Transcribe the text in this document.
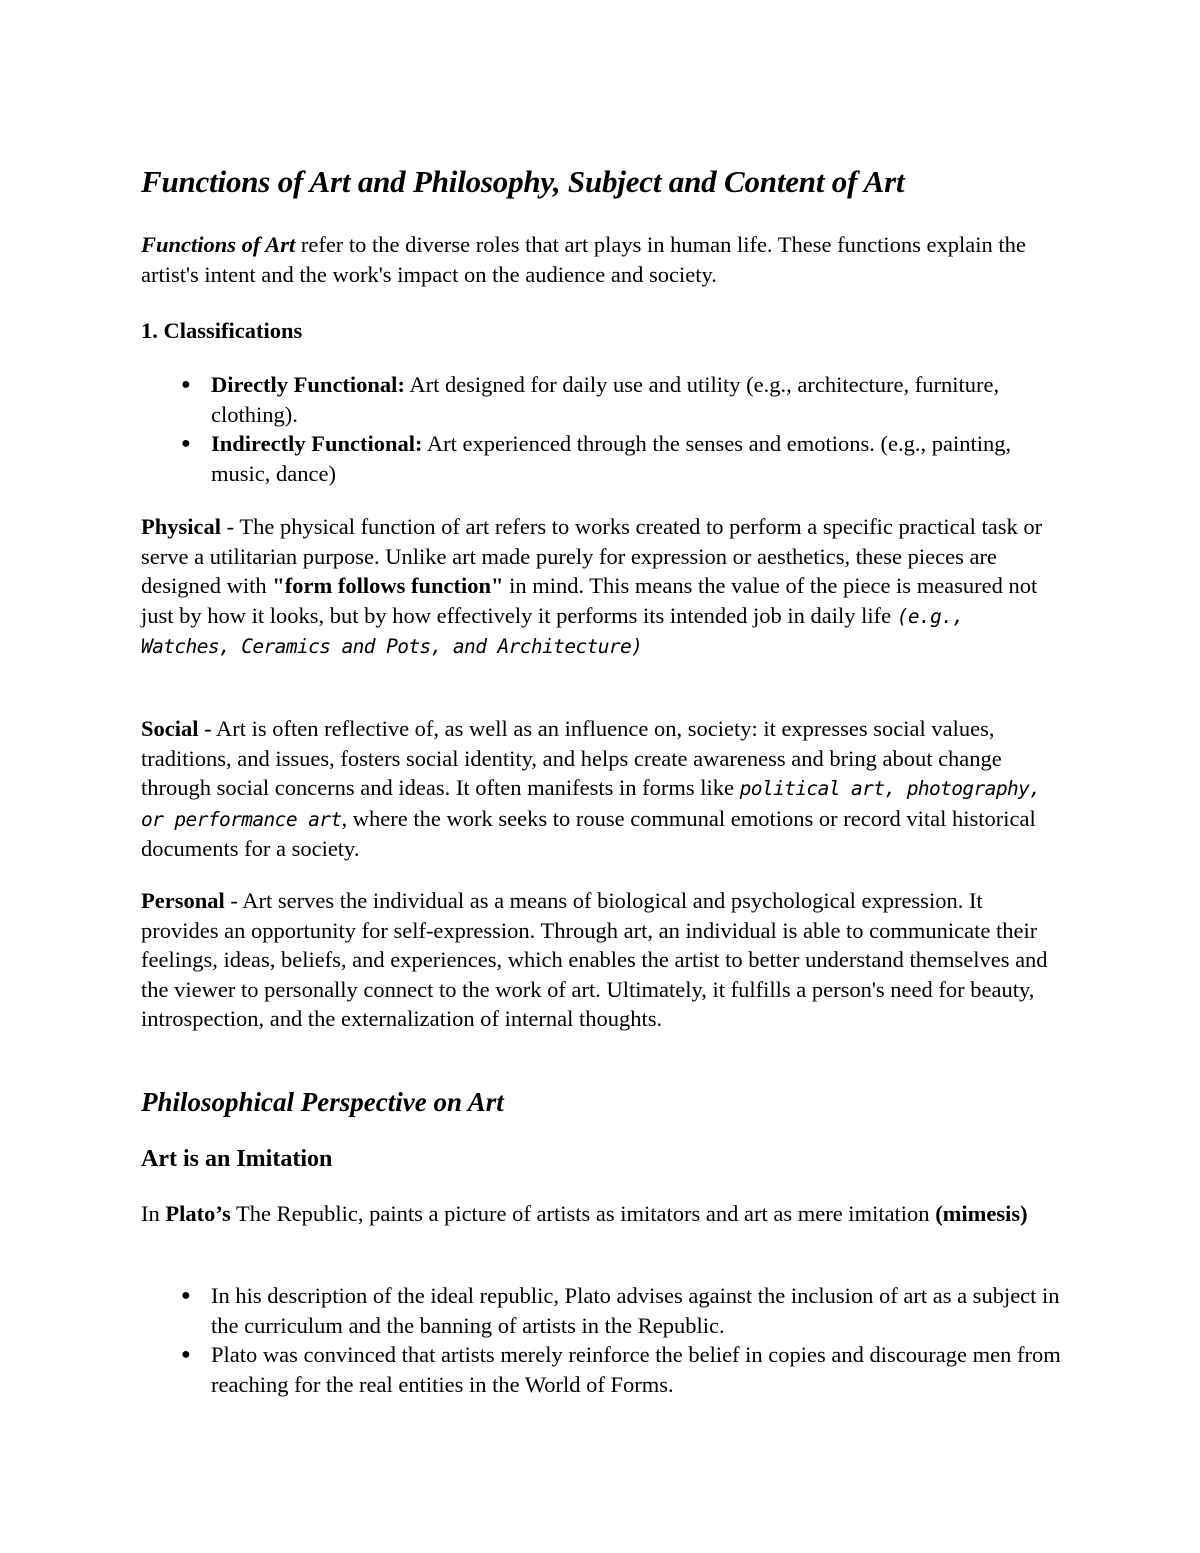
Functions of Art and Philosophy, Subject and Content of Art

Functions of Art refer to the diverse roles that art plays in human life. These functions explain the artist's intent and the work's impact on the audience and society.

1. Classifications
● Directly Functional: Art designed for daily use and utility (e.g., architecture, furniture, clothing).
● Indirectly Functional: Art experienced through the senses and emotions. (e.g., painting, music, dance)

Physical - The physical function of art refers to works created to perform a specific practical task or serve a utilitarian purpose. Unlike art made purely for expression or aesthetics, these pieces are designed with "form follows function" in mind. This means the value of the piece is measured not just by how it looks, but by how effectively it performs its intended job in daily life (e.g., Watches, Ceramics and Pots, and Architecture)

Social - Art is often reflective of, as well as an influence on, society: it expresses social values, traditions, and issues, fosters social identity, and helps create awareness and bring about change through social concerns and ideas. It often manifests in forms like political art, photography, or performance art, where the work seeks to rouse communal emotions or record vital historical documents for a society.

Personal - Art serves the individual as a means of biological and psychological expression. It provides an opportunity for self-expression. Through art, an individual is able to communicate their feelings, ideas, beliefs, and experiences, which enables the artist to better understand themselves and the viewer to personally connect to the work of art. Ultimately, it fulfills a person's need for beauty, introspection, and the externalization of internal thoughts.

Philosophical Perspective on Art
Art is an Imitation

In Plato’s The Republic, paints a picture of artists as imitators and art as mere imitation (mimesis)

● In his description of the ideal republic, Plato advises against the inclusion of art as a subject in the curriculum and the banning of artists in the Republic.
● Plato was convinced that artists merely reinforce the belief in copies and discourage men from reaching for the real entities in the World of Forms.
